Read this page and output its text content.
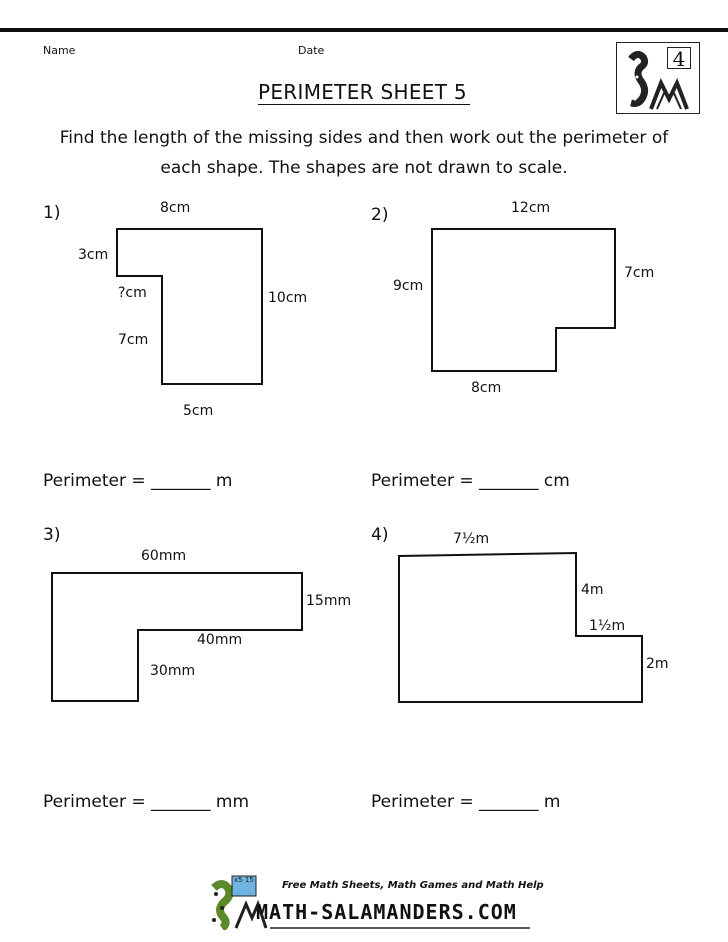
Name	Date	4
PERIMETER SHEET 5
Find the length of the missing sides and then work out the perimeter of
each shape. The shapes are not drawn to scale.
1)	8cm
3cm
?cm
7cm
10cm
5cm
Perimeter = _______ m
2)	12cm
9cm
7cm
8cm
Perimeter = _______ cm
3)
60mm
15mm
40mm
30mm
Perimeter = _______ mm
4)	7½m
4m
1½m
2m
Perimeter = _______ m
x5 15	Free Math Sheets, Math Games and Math Help
MATH-SALAMANDERS.COM
